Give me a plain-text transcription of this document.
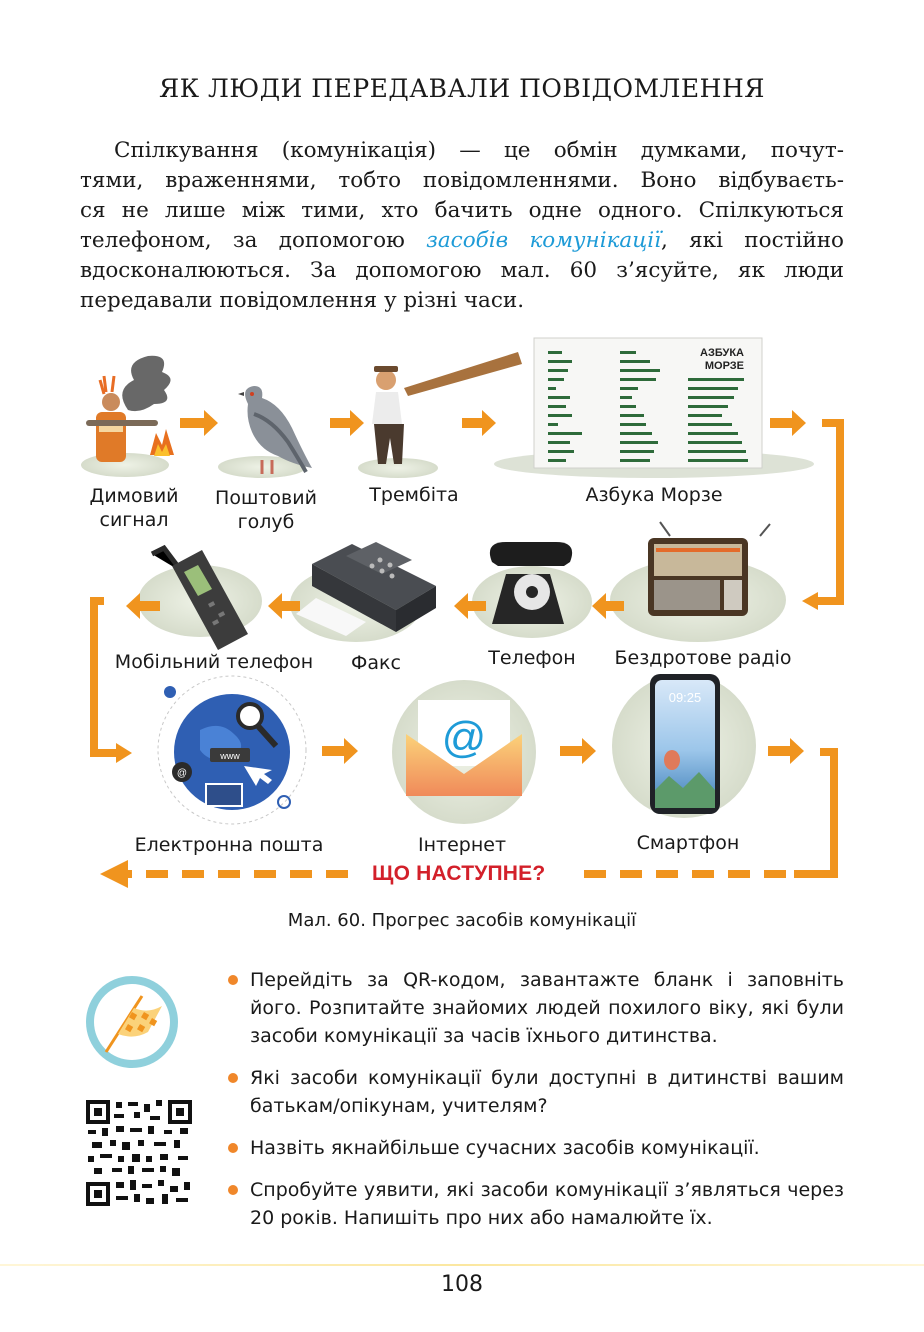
ЯК ЛЮДИ ПЕРЕДАВАЛИ ПОВІДОМЛЕННЯ
Спілкування (комунікація) — це обмін думками, почут-
тями, враженнями, тобто повідомленнями. Воно відбуваєть-
ся не лише між тими, хто бачить одне одного. Спілкуються
телефоном, за допомогою засобів комунікації, які постійно
вдосконалюються. За допомогою мал. 60 з’ясуйте, як люди
передавали повідомлення у різні часи.
АЗБУКА
МОРЗЕ
www
@
@
09:25
Димовий
сигнал
Поштовий
голуб
Трембіта	Азбука Морзе
Мобільний телефон	Факс	Телефон	Бездротове радіо
Електронна пошта	Інтернет	Смартфон
ЩО НАСТУПНЕ?
Мал. 60. Прогрес засобів комунікації
Перейдіть за QR-кодом, завантажте бланк і заповніть його. Розпитайте знайомих людей похилого віку, які були засоби комунікації за часів їхнього дитинства.
Які засоби комунікації були доступні в дитинстві вашим батькам/опікунам, учителям?
Назвіть якнайбільше сучасних засобів комунікації.
Спробуйте уявити, які засоби комунікації з’являться через 20 років. Напишіть про них або намалюйте їх.
108
